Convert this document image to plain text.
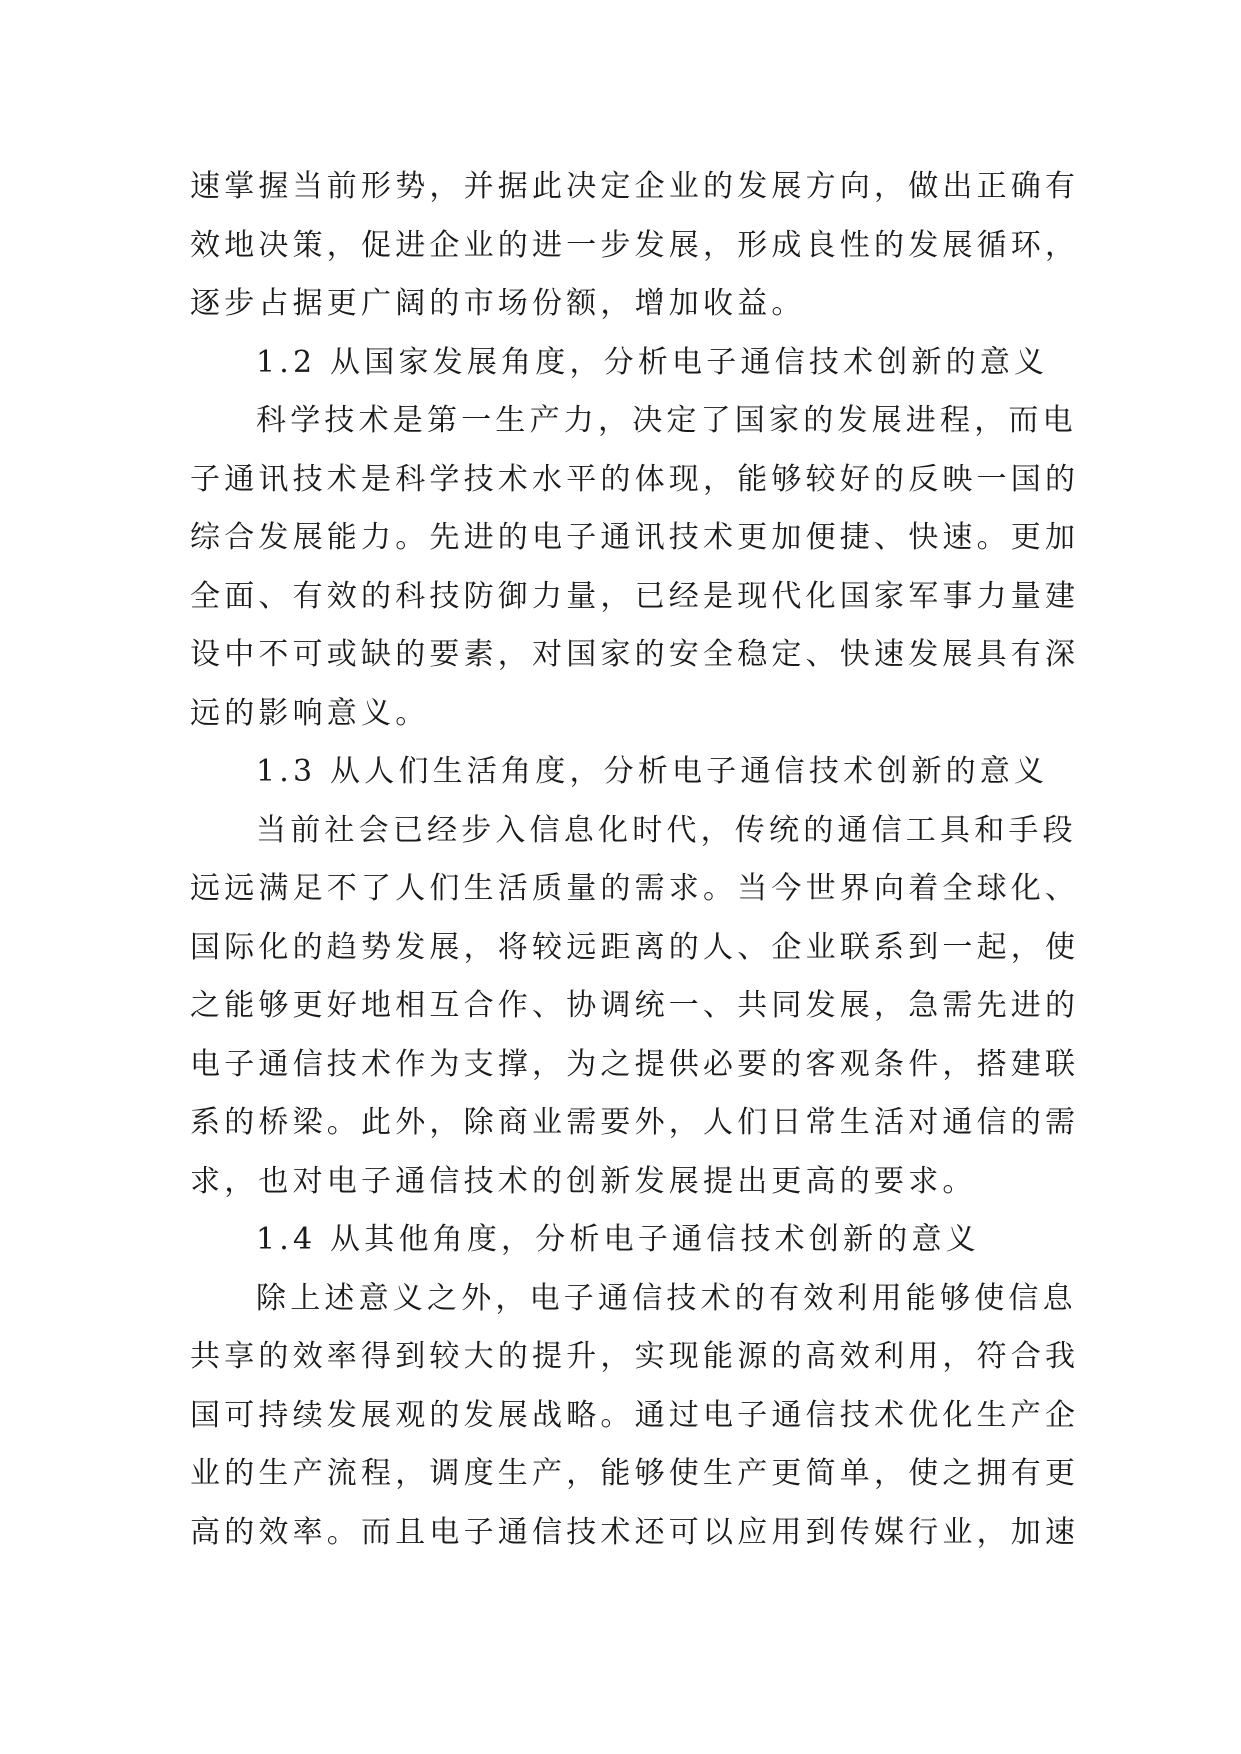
速掌握当前形势，并据此决定企业的发展方向，做出正确有
效地决策，促进企业的进一步发展，形成良性的发展循环，
逐步占据更广阔的市场份额，增加收益。
1.2 从国家发展角度，分析电子通信技术创新的意义
科学技术是第一生产力，决定了国家的发展进程，而电
子通讯技术是科学技术水平的体现，能够较好的反映一国的
综合发展能力。先进的电子通讯技术更加便捷、快速。更加
全面、有效的科技防御力量，已经是现代化国家军事力量建
设中不可或缺的要素，对国家的安全稳定、快速发展具有深
远的影响意义。
1.3 从人们生活角度，分析电子通信技术创新的意义
当前社会已经步入信息化时代，传统的通信工具和手段
远远满足不了人们生活质量的需求。当今世界向着全球化、
国际化的趋势发展，将较远距离的人、企业联系到一起，使
之能够更好地相互合作、协调统一、共同发展，急需先进的
电子通信技术作为支撑，为之提供必要的客观条件，搭建联
系的桥梁。此外，除商业需要外，人们日常生活对通信的需
求，也对电子通信技术的创新发展提出更高的要求。
1.4 从其他角度，分析电子通信技术创新的意义
除上述意义之外，电子通信技术的有效利用能够使信息
共享的效率得到较大的提升，实现能源的高效利用，符合我
国可持续发展观的发展战略。通过电子通信技术优化生产企
业的生产流程，调度生产，能够使生产更简单，使之拥有更
高的效率。而且电子通信技术还可以应用到传媒行业，加速
